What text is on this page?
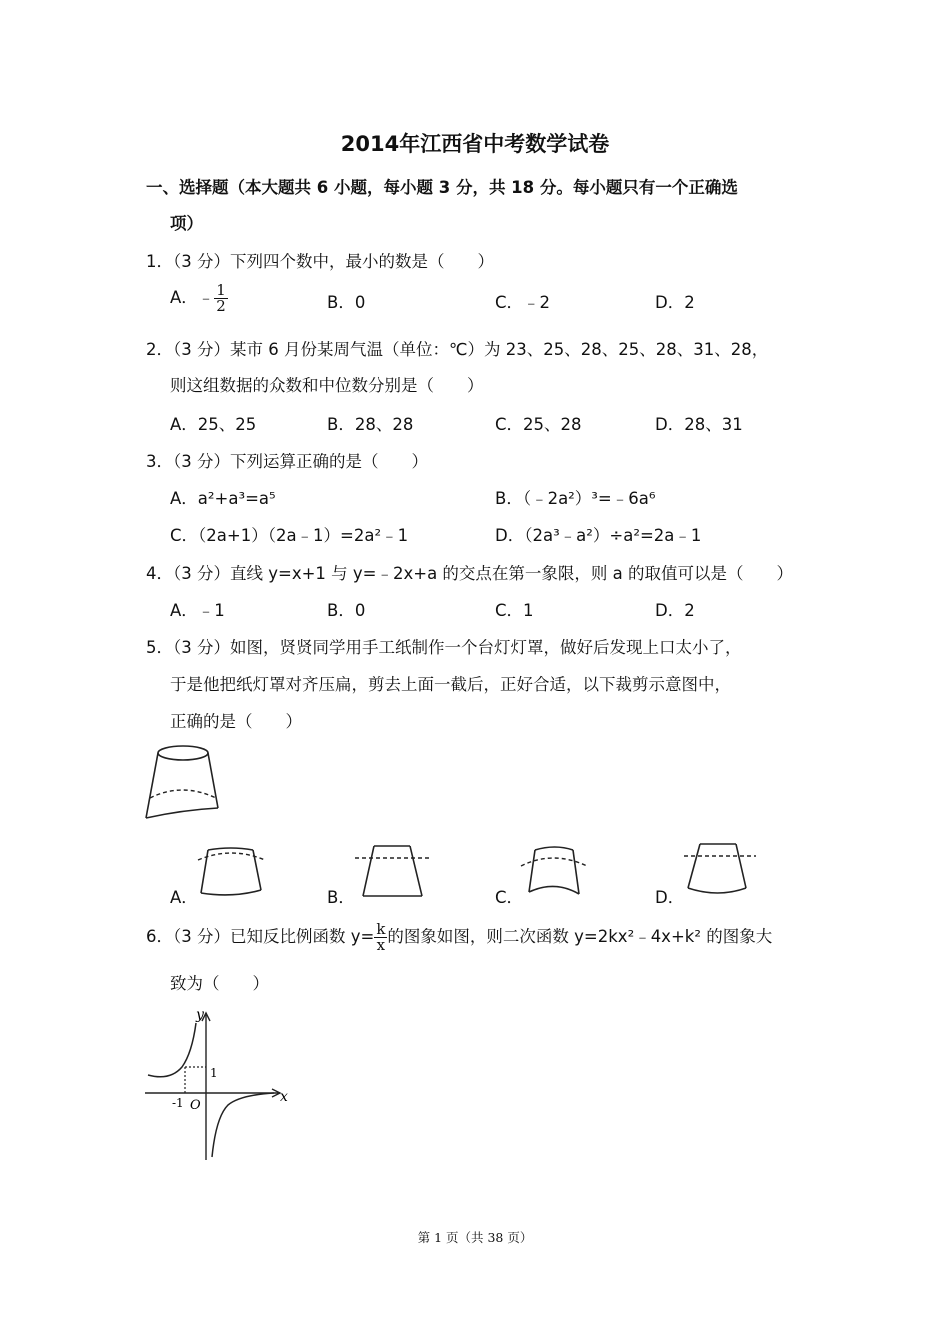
2014年江西省中考数学试卷
一、选择题（本大题共 6 小题，每小题 3 分，共 18 分。每小题只有一个正确选
项）
1．（3 分）下列四个数中，最小的数是（　　）
A．﹣ $\frac{1}{2}$	B．0	C．﹣2	D．2
2．（3 分）某市 6 月份某周气温（单位：℃）为 23、25、28、25、28、31、28，
则这组数据的众数和中位数分别是（　　）
A．25、25	B．28、28	C．25、28	D．28、31
3．（3 分）下列运算正确的是（　　）
A．a²+a³=a⁵	B．（﹣2a²）³=﹣6a⁶
C．（2a+1）（2a﹣1）=2a²﹣1	D．（2a³﹣a²）÷a²=2a﹣1
4．（3 分）直线 y=x+1 与 y=﹣2x+a 的交点在第一象限，则 a 的取值可以是（　　）
A．﹣1	B．0	C．1	D．2
5．（3 分）如图，贤贤同学用手工纸制作一个台灯灯罩，做好后发现上口太小了，
于是他把纸灯罩对齐压扁，剪去上面一截后，正好合适，以下裁剪示意图中，
正确的是（　　）
A．	B．	C．	D．
6．（3 分）已知反比例函数 $y= \frac{k}{x}$ 的图象如图，则二次函数 y=2kx²﹣4x+k² 的图象大
致为（　　）
y
x
O
-1
1
第 1 页（共 38 页）
